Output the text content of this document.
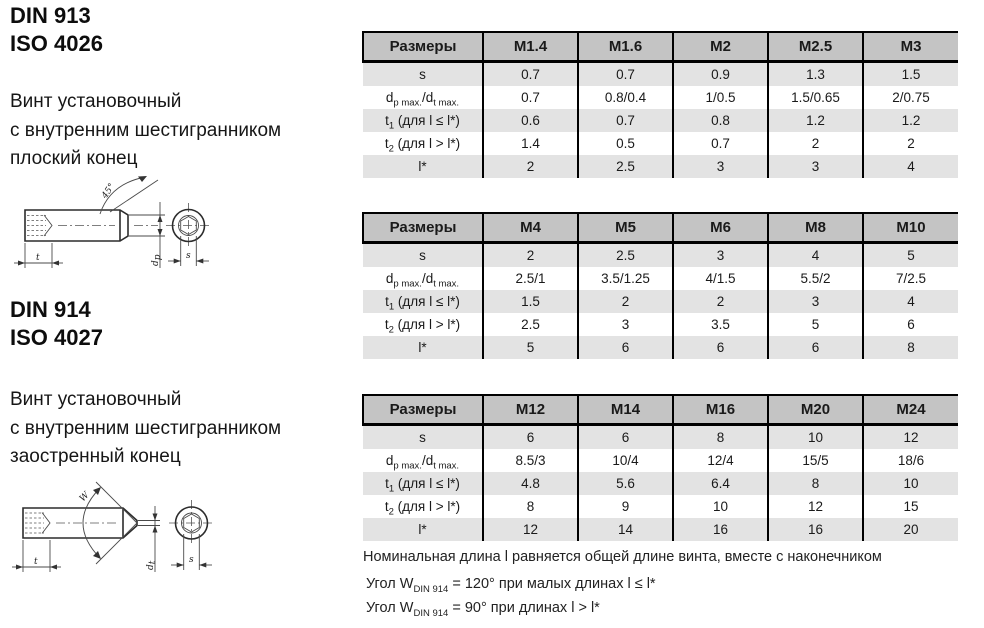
DIN 913
ISO 4026
Винт установочный
с внутренним шестигранником
плоский конец
45°
t
dp	s
DIN 914
ISO 4027
Винт установочный
с внутренним шестигранником
заостренный конец
W
t
dt	s
Размеры	M1.4	M1.6	M2	M2.5	M3
s	0.7	0.7	0.9	1.3	1.5
$d_{p max.}/d_{t max.}$	0.7	0.8/0.4	1/0.5	1.5/0.65	2/0.75
$t_1$ (для l ≤ l*)	0.6	0.7	0.8	1.2	1.2
$t_2$ (для l > l*)	1.4	0.5	0.7	2	2
l*	2	2.5	3	3	4
Размеры	M4	M5	M6	M8	M10
s	2	2.5	3	4	5
$d_{p max.}/d_{t max.}$	2.5/1	3.5/1.25	4/1.5	5.5/2	7/2.5
$t_1$ (для l ≤ l*)	1.5	2	2	3	4
$t_2$ (для l > l*)	2.5	3	3.5	5	6
l*	5	6	6	6	8
Размеры	M12	M14	M16	M20	M24
s	6	6	8	10	12
$d_{p max.}/d_{t max.}$	8.5/3	10/4	12/4	15/5	18/6
$t_1$ (для l ≤ l*)	4.8	5.6	6.4	8	10
$t_2$ (для l > l*)	8	9	10	12	15
l*	12	14	16	16	20
Номинальная длина l равняется общей длине винта, вместе с наконечником
Угол $W_{DIN 914} = 120^\circ$ при малых длинах l ≤ l*
Угол $W_{DIN 914} = 90^\circ$ при длинах l > l*
